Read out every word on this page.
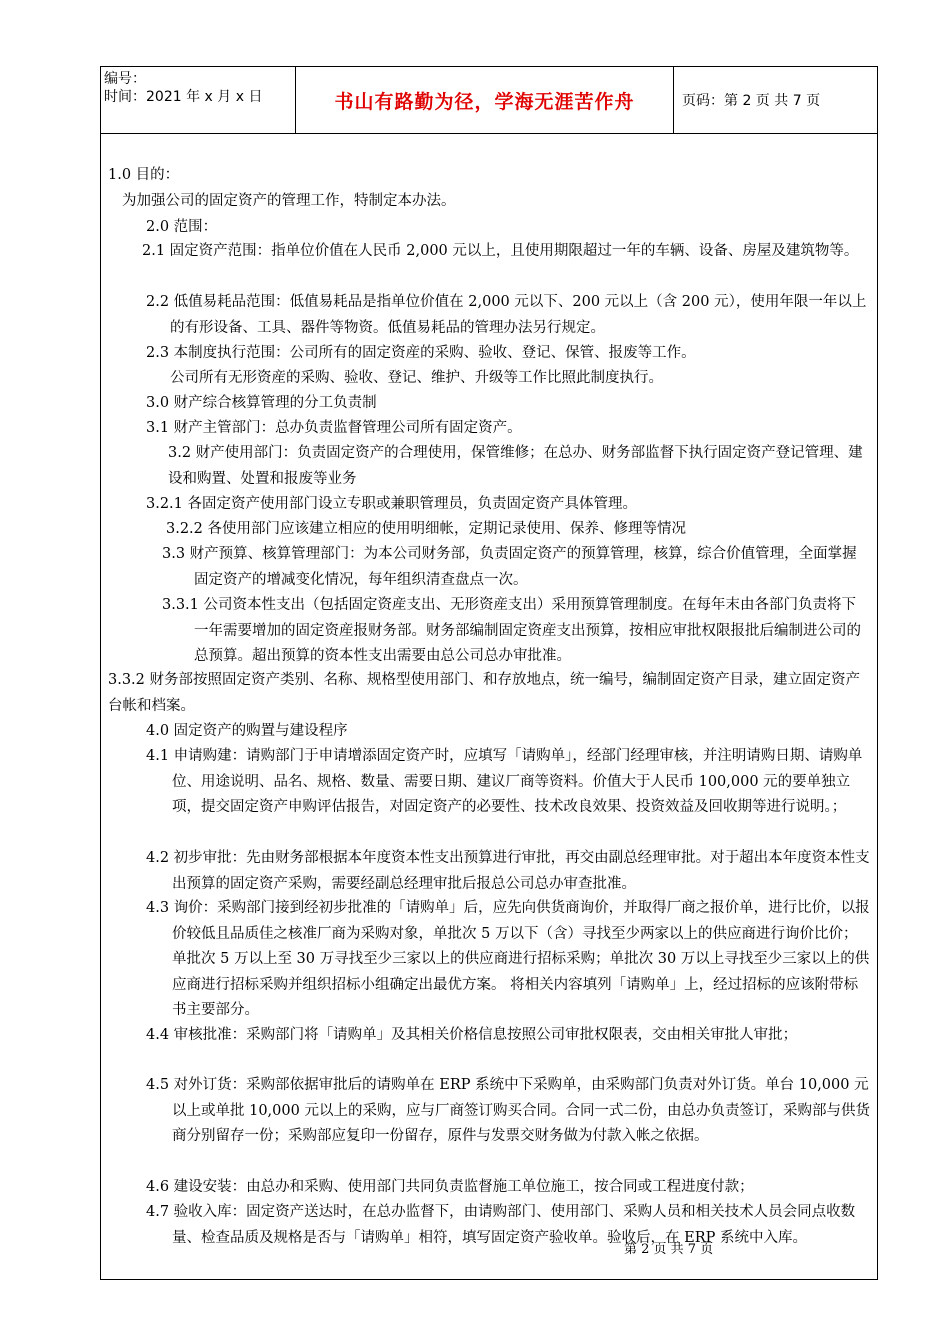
编号：
时间：2021 年 x 月 x 日	书山有路勤为径，学海无涯苦作舟	页码：第 2 页 共 7 页
1.0 目的：
为加强公司的固定资产的管理工作，特制定本办法。
2.0 范围：
2.1 固定资产范围：指单位价值在人民币 2,000 元以上，且使用期限超过一年的车辆、设备、房屋及建筑物等。
2.2 低值易耗品范围：低值易耗品是指单位价值在 2,000 元以下、200 元以上（含 200 元），使用年限一年以上的有形设备、工具、器件等物资。低值易耗品的管理办法另行规定。
2.3 本制度执行范围：公司所有的固定资産的采购、验收、登记、保管、报废等工作。
公司所有无形资産的采购、验收、登记、维护、升级等工作比照此制度执行。
3.0 财产综合核算管理的分工负责制
3.1 财产主管部门：总办负责监督管理公司所有固定资产。
3.2 财产使用部门：负责固定资产的合理使用，保管维修；在总办、财务部监督下执行固定资产登记管理、建设和购置、处置和报废等业务
3.2.1 各固定资产使用部门设立专职或兼职管理员，负责固定资产具体管理。
3.2.2 各使用部门应该建立相应的使用明细帐，定期记录使用、保养、修理等情况
3.3 财产预算、核算管理部门：为本公司财务部，负责固定资产的预算管理，核算，综合价值管理，全面掌握固定资产的增减变化情况，每年组织清查盘点一次。
3.3.1 公司资本性支出（包括固定资産支出、无形资産支出）采用预算管理制度。在每年末由各部门负责将下一年需要增加的固定资産报财务部。财务部编制固定资産支出预算，按相应审批权限报批后编制进公司的总预算。超出预算的资本性支出需要由总公司总办审批准。
3.3.2 财务部按照固定资产类别、名称、规格型使用部门、和存放地点，统一编号，编制固定资产目录，建立固定资产台帐和档案。
4.0 固定资产的购置与建设程序
4.1 申请购建：请购部门于申请增添固定资产时，应填写「请购单」，经部门经理审核，并注明请购日期、请购单位、用途说明、品名、规格、数量、需要日期、建议厂商等资料。价值大于人民币 100,000 元的要单独立项，提交固定资产申购评估报告，对固定资产的必要性、技术改良效果、投资效益及回收期等进行说明。；
4.2 初步审批：先由财务部根据本年度资本性支出预算进行审批，再交由副总经理审批。对于超出本年度资本性支出预算的固定资产采购，需要经副总经理审批后报总公司总办审查批准。
4.3 询价：采购部门接到经初步批准的「请购单」后，应先向供货商询价，并取得厂商之报价单，进行比价，以报价较低且品质佳之核准厂商为采购对象，单批次 5 万以下（含）寻找至少两家以上的供应商进行询价比价；单批次 5 万以上至 30 万寻找至少三家以上的供应商进行招标采购；单批次 30 万以上寻找至少三家以上的供应商进行招标采购并组织招标小组确定出最优方案。 将相关内容填列「请购单」上，经过招标的应该附带标书主要部分。
4.4 审核批准：采购部门将「请购单」及其相关价格信息按照公司审批权限表，交由相关审批人审批；
4.5 对外订货：采购部依据审批后的请购单在 ERP 系统中下采购单，由采购部门负责对外订货。单台 10,000 元以上或单批 10,000 元以上的采购，应与厂商签订购买合同。合同一式二份，由总办负责签订，采购部与供货商分别留存一份；采购部应复印一份留存，原件与发票交财务做为付款入帐之依据。
4.6 建设安装：由总办和采购、使用部门共同负责监督施工单位施工，按合同或工程进度付款；
4.7 验收入库：固定资产送达时，在总办监督下，由请购部门、使用部门、采购人员和相关技术人员会同点收数量、检查品质及规格是否与「请购单」相符，填写固定资产验收单。验收后，在 ERP 系统中入库。
第 2 页 共 7 页
